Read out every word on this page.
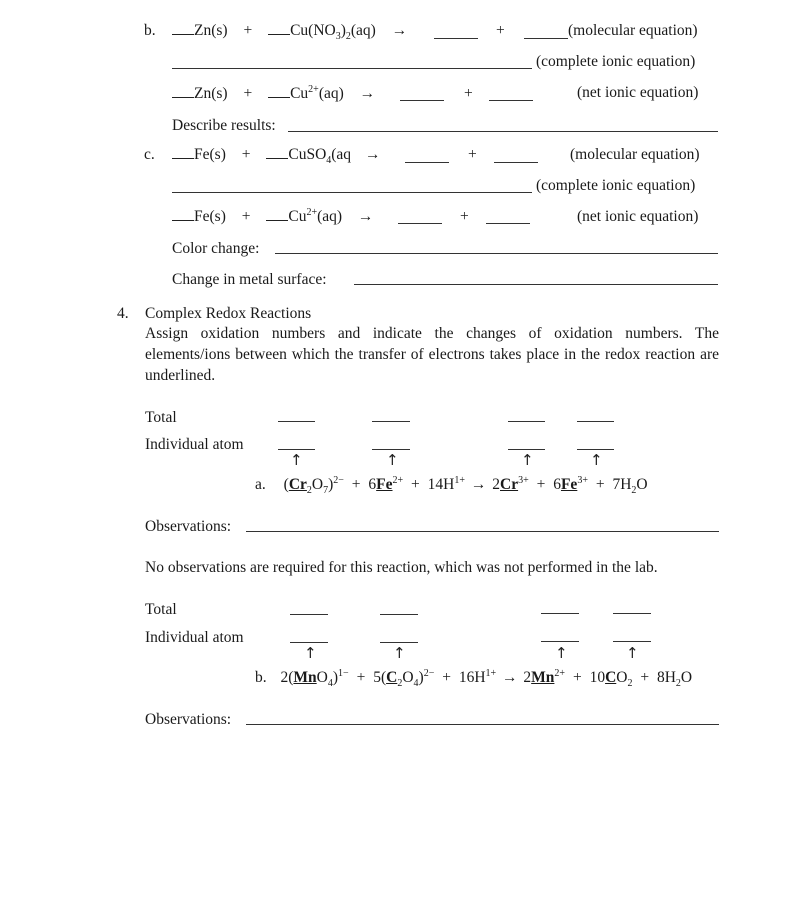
b.	$Zn(s) + Cu(NO_3)_2(aq)$ →	+	(molecular equation)
(complete ionic equation)
$Zn(s) + Cu^{2+}(aq)$ →	+	(net ionic equation)
Describe results:
c.	Fe(s) + CuSO$_4$(aq →	+	(molecular equation)
(complete ionic equation)
$Fe(s) + Cu^{2+}(aq)$ →	+	(net ionic equation)
Color change:
Change in metal surface:
4. Complex Redox Reactions
Assign oxidation numbers and indicate the changes of oxidation numbers. The elements/ions between which the transfer of electrons takes place in the redox reaction are underlined.
Total
Individual atom
↑	↑	↑	↑
a. $(Cr_2O_7)^{2-} + 6Fe^{2+} + 14H^{1+} \to 2Cr^{3+} + 6Fe^{3+} + 7H_2O$
Observations:
No observations are required for this reaction, which was not performed in the lab.
Total
Individual atom
↑	↑	↑	↑
b. $2(MnO_4)^{1-} + 5(C_2O_4)^{2-} + 16H^{1+} \to 2Mn^{2+} + 10CO_2 + 8H_2O$
Observations:
